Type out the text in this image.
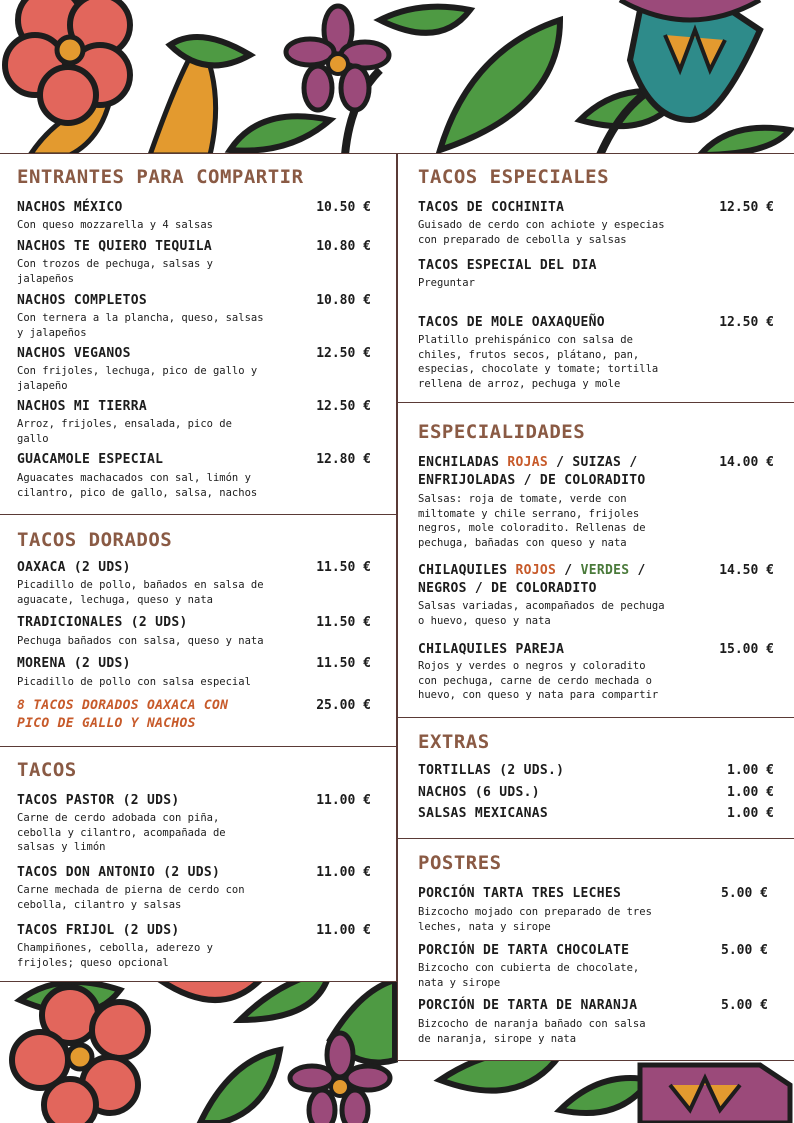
ENTRANTES PARA COMPARTIR
NACHOS MÉXICO	10.50 €
Con queso mozzarella y 4 salsas
NACHOS TE QUIERO TEQUILA	10.80 €
Con trozos de pechuga, salsas y
jalapeños
NACHOS COMPLETOS	10.80 €
Con ternera a la plancha, queso, salsas
y jalapeños
NACHOS VEGANOS	12.50 €
Con frijoles, lechuga, pico de gallo y
jalapeño
NACHOS MI TIERRA	12.50 €
Arroz, frijoles, ensalada, pico de
gallo
GUACAMOLE ESPECIAL	12.80 €
Aguacates machacados con sal, limón y
cilantro, pico de gallo, salsa, nachos
TACOS DORADOS
OAXACA (2 UDS)	11.50 €
Picadillo de pollo, bañados en salsa de
aguacate, lechuga, queso y nata
TRADICIONALES (2 UDS)	11.50 €
Pechuga bañados con salsa, queso y nata
MORENA (2 UDS)	11.50 €
Picadillo de pollo con salsa especial
8 TACOS DORADOS OAXACA CON
PICO DE GALLO Y NACHOS
25.00 €
TACOS
TACOS PASTOR (2 UDS)	11.00 €
Carne de cerdo adobada con piña,
cebolla y cilantro, acompañada de
salsas y limón
TACOS DON ANTONIO (2 UDS)	11.00 €
Carne mechada de pierna de cerdo con
cebolla, cilantro y salsas
TACOS FRIJOL (2 UDS)	11.00 €
Champiñones, cebolla, aderezo y
frijoles; queso opcional
TACOS ESPECIALES
TACOS DE COCHINITA	12.50 €
Guisado de cerdo con achiote y especias
con preparado de cebolla y salsas
TACOS ESPECIAL DEL DIA
Preguntar
TACOS DE MOLE OAXAQUEÑO	12.50 €
Platillo prehispánico con salsa de
chiles, frutos secos, plátano, pan,
especias, chocolate y tomate; tortilla
rellena de arroz, pechuga y mole
ESPECIALIDADES
ENCHILADAS ROJAS / SUIZAS /
ENFRIJOLADAS / DE COLORADITO
14.00 €
Salsas: roja de tomate, verde con
miltomate y chile serrano, frijoles
negros, mole coloradito. Rellenas de
pechuga, bañadas con queso y nata
CHILAQUILES ROJOS / VERDES /
NEGROS / DE COLORADITO
14.50 €
Salsas variadas, acompañados de pechuga
o huevo, queso y nata
CHILAQUILES PAREJA	15.00 €
Rojos y verdes o negros y coloradito
con pechuga, carne de cerdo mechada o
huevo, con queso y nata para compartir
EXTRAS
TORTILLAS (2 UDS.)	1.00 €
NACHOS (6 UDS.)	1.00 €
SALSAS MEXICANAS	1.00 €
POSTRES
PORCIÓN TARTA TRES LECHES	5.00 €
Bizcocho mojado con preparado de tres
leches, nata y sirope
PORCIÓN DE TARTA CHOCOLATE	5.00 €
Bizcocho con cubierta de chocolate,
nata y sirope
PORCIÓN DE TARTA DE NARANJA	5.00 €
Bizcocho de naranja bañado con salsa
de naranja, sirope y nata
